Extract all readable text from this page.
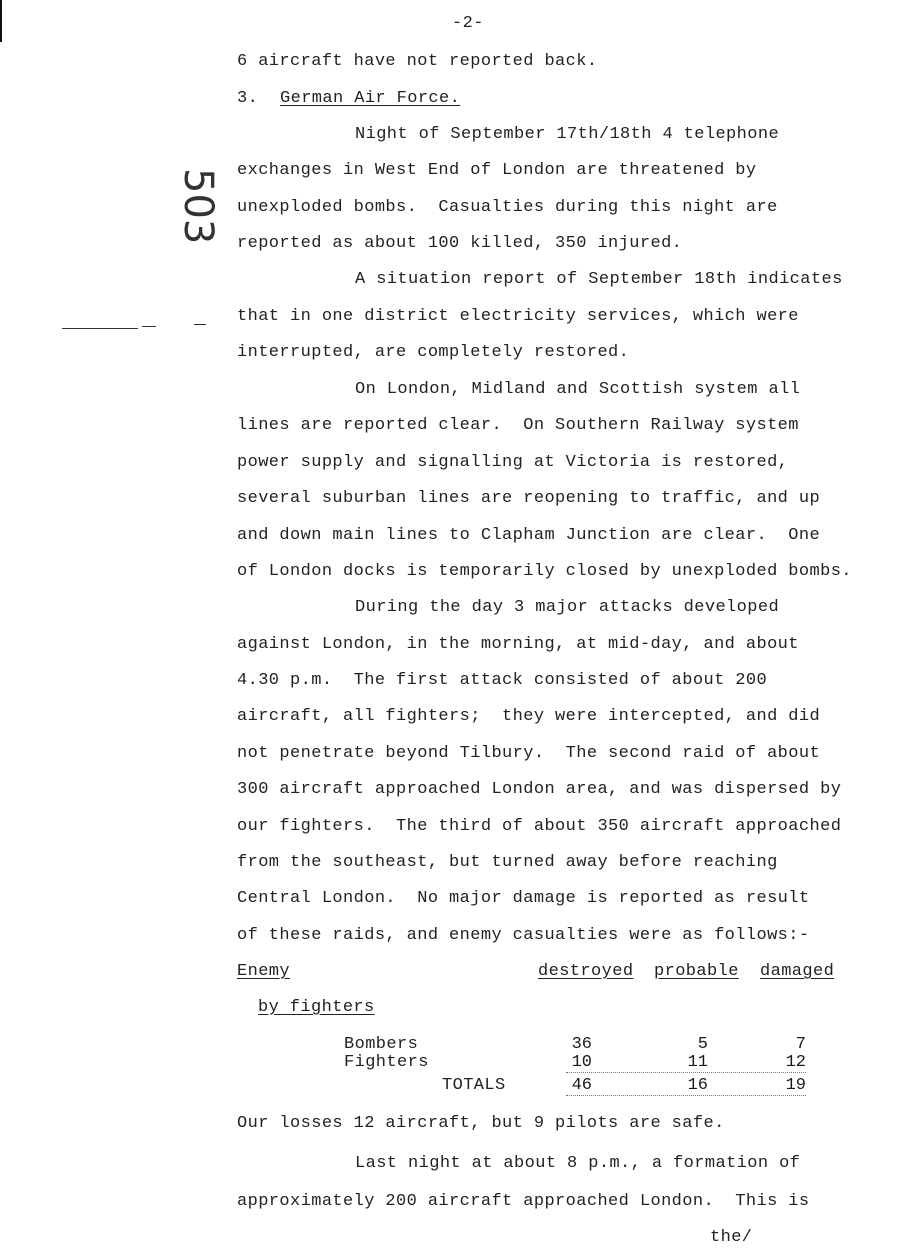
-2-
503
6 aircraft have not reported back.
3. German Air Force.
Night of September 17th/18th 4 telephone
exchanges in West End of London are threatened by
unexploded bombs.  Casualties during this night are
reported as about 100 killed, 350 injured.
A situation report of September 18th indicates
that in one district electricity services, which were
interrupted, are completely restored.
On London, Midland and Scottish system all
lines are reported clear.  On Southern Railway system
power supply and signalling at Victoria is restored,
several suburban lines are reopening to traffic, and up
and down main lines to Clapham Junction are clear.  One
of London docks is temporarily closed by unexploded bombs.
During the day 3 major attacks developed
against London, in the morning, at mid-day, and about
4.30 p.m.  The first attack consisted of about 200
aircraft, all fighters;  they were intercepted, and did
not penetrate beyond Tilbury.  The second raid of about
300 aircraft approached London area, and was dispersed by
our fighters.  The third of about 350 aircraft approached
from the southeast, but turned away before reaching
Central London.  No major damage is reported as result
of these raids, and enemy casualties were as follows:-
Enemy	destroyed probable damaged
by fighters
Bombers	36	5	7
Fighters	10	11	12
TOTALS	46	16	19
Our losses 12 aircraft, but 9 pilots are safe.
Last night at about 8 p.m., a formation of
approximately 200 aircraft approached London.  This is
the/
